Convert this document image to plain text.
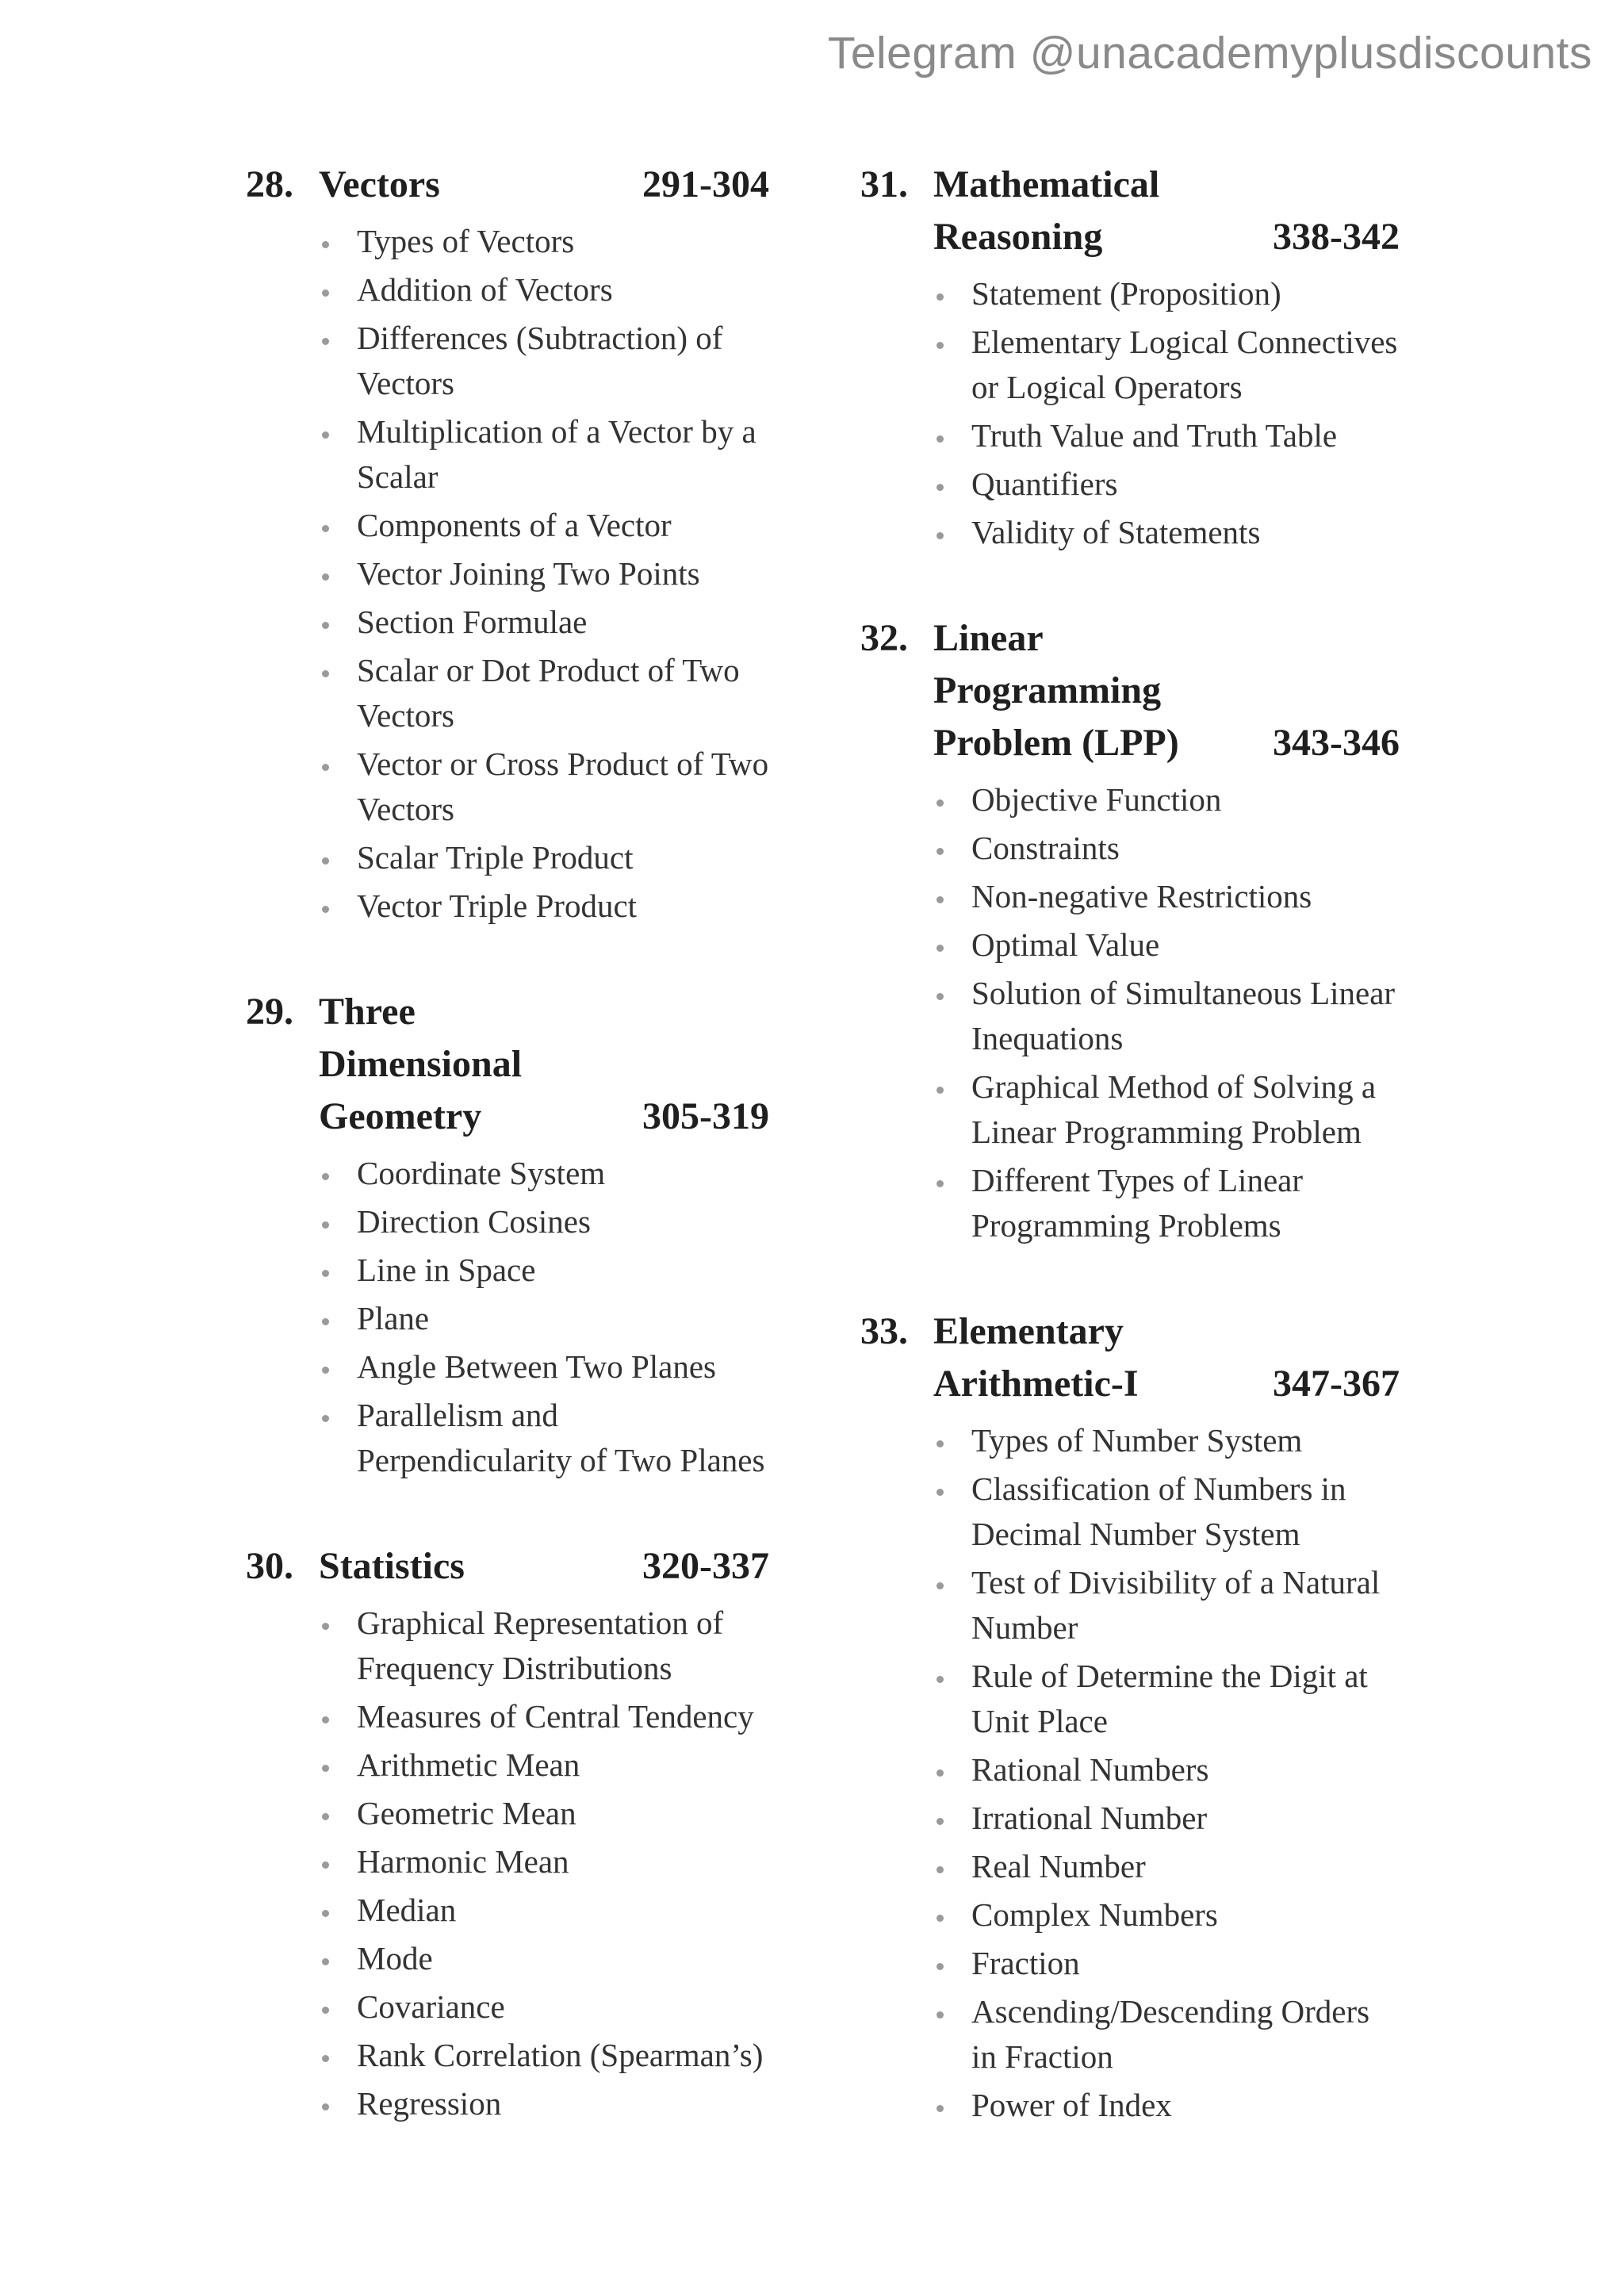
Telegram @unacademyplusdiscounts
28. Vectors	291-304
Types of Vectors
Addition of Vectors
Differences (Subtraction) of Vectors
Multiplication of a Vector by a Scalar
Components of a Vector
Vector Joining Two Points
Section Formulae
Scalar or Dot Product of Two Vectors
Vector or Cross Product of Two Vectors
Scalar Triple Product
Vector Triple Product
29. Three Dimensional Geometry	305-319
Coordinate System
Direction Cosines
Line in Space
Plane
Angle Between Two Planes
Parallelism and Perpendicularity of Two Planes
30. Statistics	320-337
Graphical Representation of Frequency Distributions
Measures of Central Tendency
Arithmetic Mean
Geometric Mean
Harmonic Mean
Median
Mode
Covariance
Rank Correlation (Spearman’s)
Regression
31. Mathematical Reasoning	338-342
Statement (Proposition)
Elementary Logical Connectives or Logical Operators
Truth Value and Truth Table
Quantifiers
Validity of Statements
32. Linear Programming Problem (LPP)	343-346
Objective Function
Constraints
Non-negative Restrictions
Optimal Value
Solution of Simultaneous Linear Inequations
Graphical Method of Solving a Linear Programming Problem
Different Types of Linear Programming Problems
33. Elementary Arithmetic-I	347-367
Types of Number System
Classification of Numbers in Decimal Number System
Test of Divisibility of a Natural Number
Rule of Determine the Digit at Unit Place
Rational Numbers
Irrational Number
Real Number
Complex Numbers
Fraction
Ascending/Descending Orders in Fraction
Power of Index
